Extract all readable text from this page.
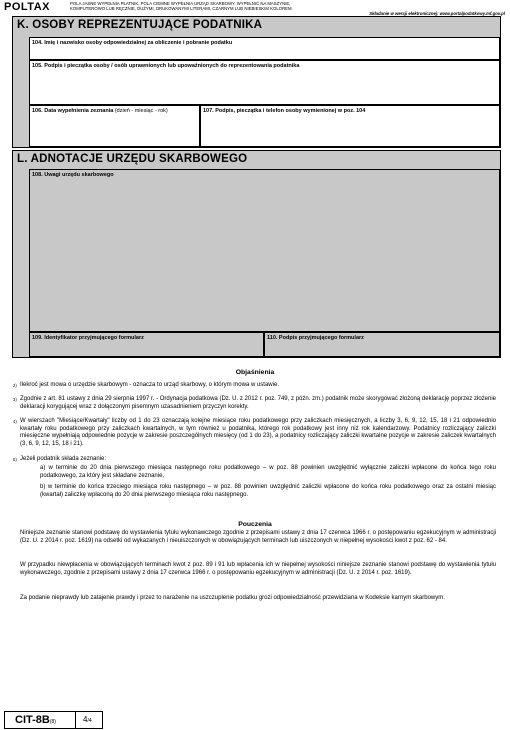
POLTAX	POLA JASNE WYPEŁNIA PŁATNIK, POLA CIEMNE WYPEŁNIA URZĄD SKARBOWY. WYPEŁNIĆ NA MASZYNIE, KOMPUTEROWO LUB RĘCZNIE, DUŻYMI, DRUKOWANYMI LITERAMI, CZARNYM LUB NIEBIESKIM KOLOREM.
Składanie w wersji elektronicznej: www.portalpodatkowy.mf.gov.pl
K. OSOBY REPREZENTUJĄCE PODATNIKA
104. Imię i nazwisko osoby odpowiedzialnej za obliczenie i pobranie podatku
105. Podpis i pieczątka osoby / osób uprawnionych lub upoważnionych do reprezentowania podatnika
106. Data wypełnienia zeznania (dzień - miesiąc - rok)	107. Podpis, pieczątka i telefon osoby wymienionej w poz. 104
L. ADNOTACJE URZĘDU SKARBOWEGO
108. Uwagi urzędu skarbowego
109. Identyfikator przyjmującego formularz	110. Podpis przyjmującego formularz
Objaśnienia
$^{2)}$ Ilekroć jest mowa o urzędzie skarbowym - oznacza to urząd skarbowy, o którym mowa w ustawie.
$^{3)}$ Zgodnie z art. 81 ustawy z dnia 29 sierpnia 1997 r. - Ordynacja podatkowa (Dz. U. z 2012 r. poz. 749, z późn. zm.) podatnik może skorygować złożoną deklarację poprzez złożenie deklaracji korygującej wraz z dołączonym pisemnym uzasadnieniem przyczyn korekty.
$^{4)}$ W wierszach "Miesiące/Kwartały" liczby od 1 do 23 oznaczają kolejne miesiące roku podatkowego przy zaliczkach miesięcznych, a liczby 3, 6, 9, 12, 15, 18 i 21 odpowiednio kwartały roku podatkowego przy zaliczkach kwartalnych, w tym również u podatnika, którego rok podatkowy jest inny niż rok kalendarzowy. Podatnicy rozliczający zaliczki miesięczne wypełniają odpowiednie pozycje w zakresie poszczególnych miesięcy (od 1 do 23), a podatnicy rozliczający zaliczki kwartalne pozycje w zakresie zaliczek kwartalnych (3, 6, 9, 12, 15, 18 i 21).
$^{5)}$ Jeżeli podatnik składa zeznanie:
a) w terminie do 20 dnia pierwszego miesiąca następnego roku podatkowego – w poz. 88 powinien uwzględnić wyłącznie zaliczki wpłacone do końca tego roku podatkowego, za który jest składane zeznanie,
b) w terminie do końca trzeciego miesiąca roku następnego – w poz. 88 powinien uwzględnić zaliczki wpłacone do końca roku podatkowego oraz za ostatni miesiąc (kwartał) zaliczkę wpłaconą do 20 dnia pierwszego miesiąca roku następnego.
Pouczenia
Niniejsze zeznanie stanowi podstawę do wystawienia tytułu wykonawczego zgodnie z przepisami ustawy z dnia 17 czerwca 1966 r. o postępowaniu egzekucyjnym w administracji (Dz. U. z 2014 r. poz. 1619) na odsetki od wykazanych i nieuiszczonych w obowiązujących terminach lub uiszczonych w niepełnej wysokości kwot z poz. 62 - 84.
W przypadku niewpłacenia w obowiązujących terminach kwot z poz. 89 i 91 lub wpłacenia ich w niepełnej wysokości niniejsze zeznanie stanowi podstawę do wystawienia tytułu wykonawczego, zgodnie z przepisami ustawy z dnia 17 czerwca 1966 r. o postępowaniu egzekucyjnym w administracji (Dz. U. z 2014 r. poz. 1619).
Za podanie nieprawdy lub zatajenie prawdy i przez to narażenie na uszczuplenie podatku grozi odpowiedzialność przewidziana w Kodeksie karnym skarbowym.
CIT-8B(8)	4/4
